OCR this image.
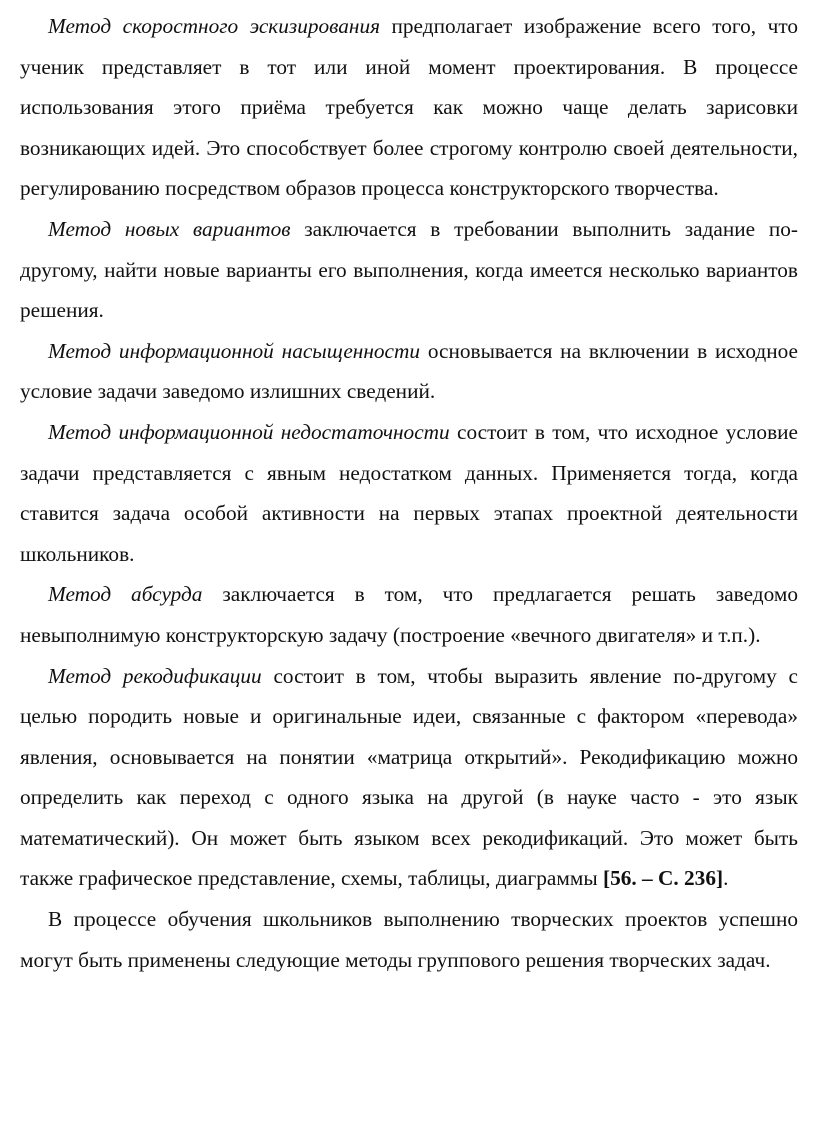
Метод скоростного эскизирования предполагает изображение всего того, что ученик представляет в тот или иной момент проектирования. В процессе использования этого приёма требуется как можно чаще делать зарисовки возникающих идей. Это способствует более строгому контролю своей деятельности, регулированию посредством образов процесса конструкторского творчества.

Метод новых вариантов заключается в требовании выполнить задание по-другому, найти новые варианты его выполнения, когда имеется несколько вариантов решения.

Метод информационной насыщенности основывается на включении в исходное условие задачи заведомо излишних сведений.

Метод информационной недостаточности состоит в том, что исходное условие задачи представляется с явным недостатком данных. Применяется тогда, когда ставится задача особой активности на первых этапах проектной деятельности школьников.

Метод абсурда заключается в том, что предлагается решать заведомо невыполнимую конструкторскую задачу (построение «вечного двигателя» и т.п.).

Метод рекодификации состоит в том, чтобы выразить явление по-другому с целью породить новые и оригинальные идеи, связанные с фактором «перевода» явления, основывается на понятии «матрица открытий». Рекодификацию можно определить как переход с одного языка на другой (в науке часто - это язык математический). Он может быть языком всех рекодификаций. Это может быть также графическое представление, схемы, таблицы, диаграммы [56. – С. 236].

В процессе обучения школьников выполнению творческих проектов успешно могут быть применены следующие методы группового решения творческих задач.
